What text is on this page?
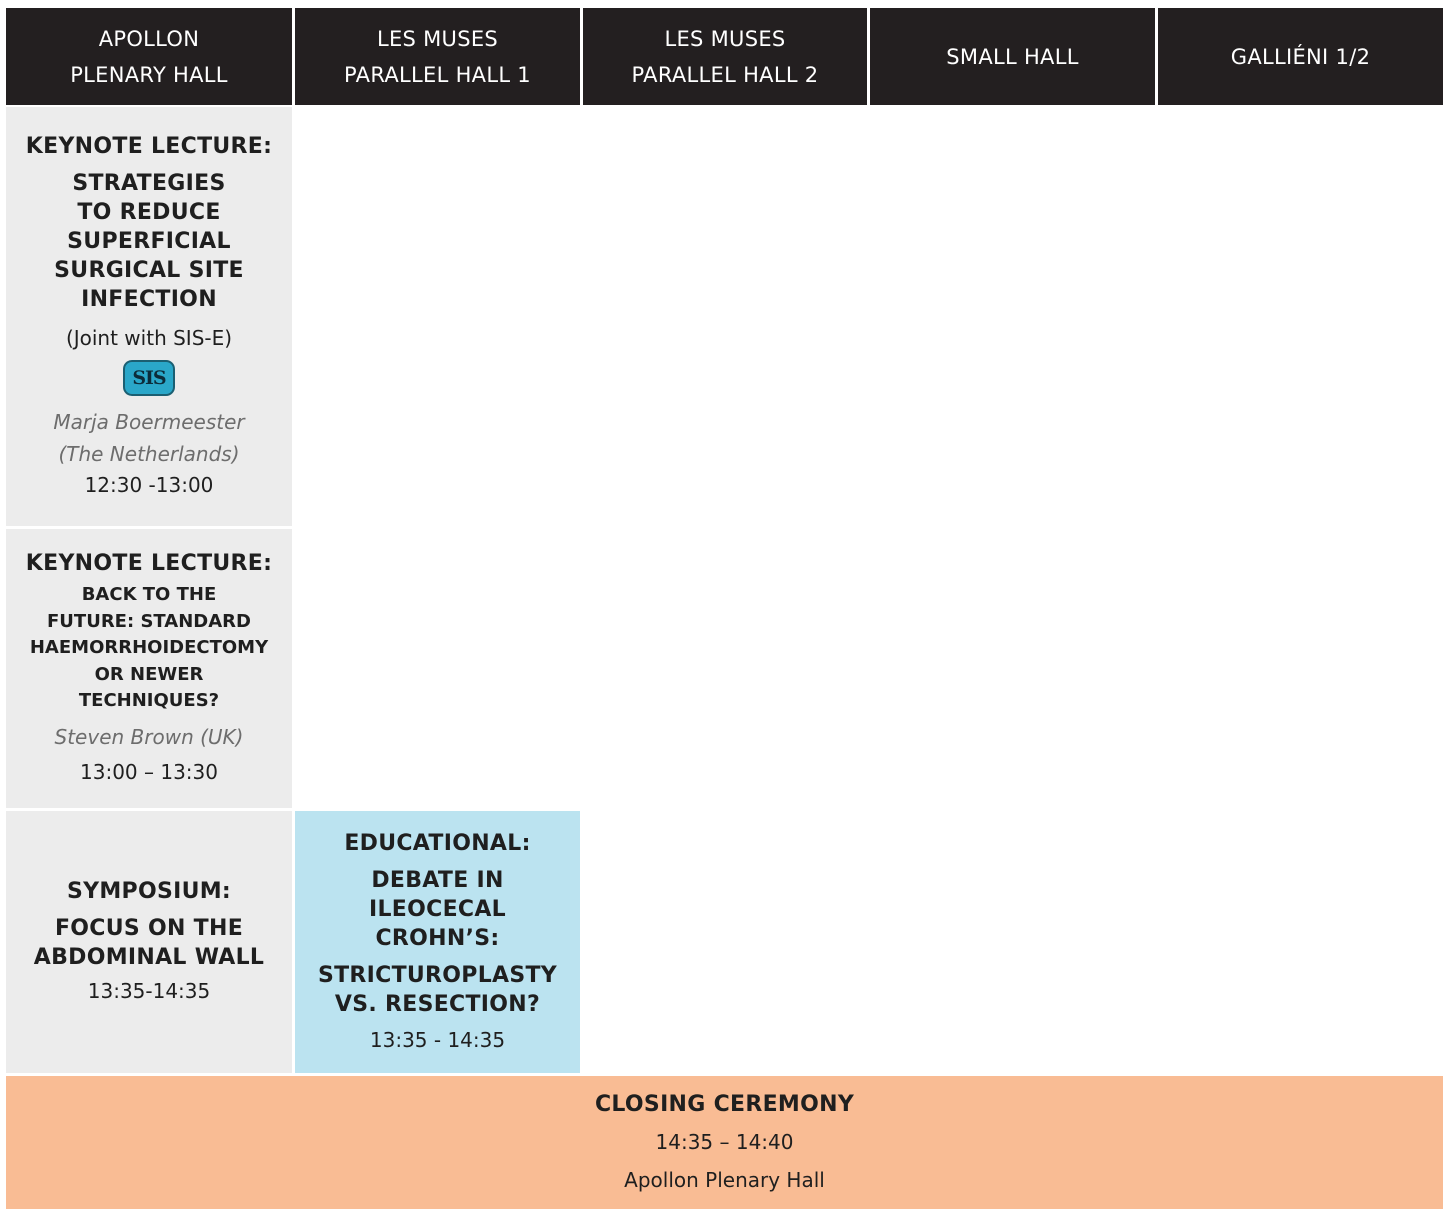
APOLLON
PLENARY HALL
LES MUSES
PARALLEL HALL 1
LES MUSES
PARALLEL HALL 2
SMALL HALL	GALLIÉNI 1/2
KEYNOTE LECTURE:
STRATEGIES
TO REDUCE
SUPERFICIAL
SURGICAL SITE
INFECTION
(Joint with SIS-E)
SIS
Marja Boermeester
(The Netherlands)
12:30 -13:00
KEYNOTE LECTURE:
BACK TO THE
FUTURE: STANDARD
HAEMORRHOIDECTOMY
OR NEWER
TECHNIQUES?
Steven Brown (UK)
13:00 – 13:30
SYMPOSIUM:
FOCUS ON THE
ABDOMINAL WALL
13:35-14:35
EDUCATIONAL:
DEBATE IN
ILEOCECAL
CROHN’S:
STRICTUROPLASTY
VS. RESECTION?
13:35 - 14:35
CLOSING CEREMONY
14:35 – 14:40
Apollon Plenary Hall
